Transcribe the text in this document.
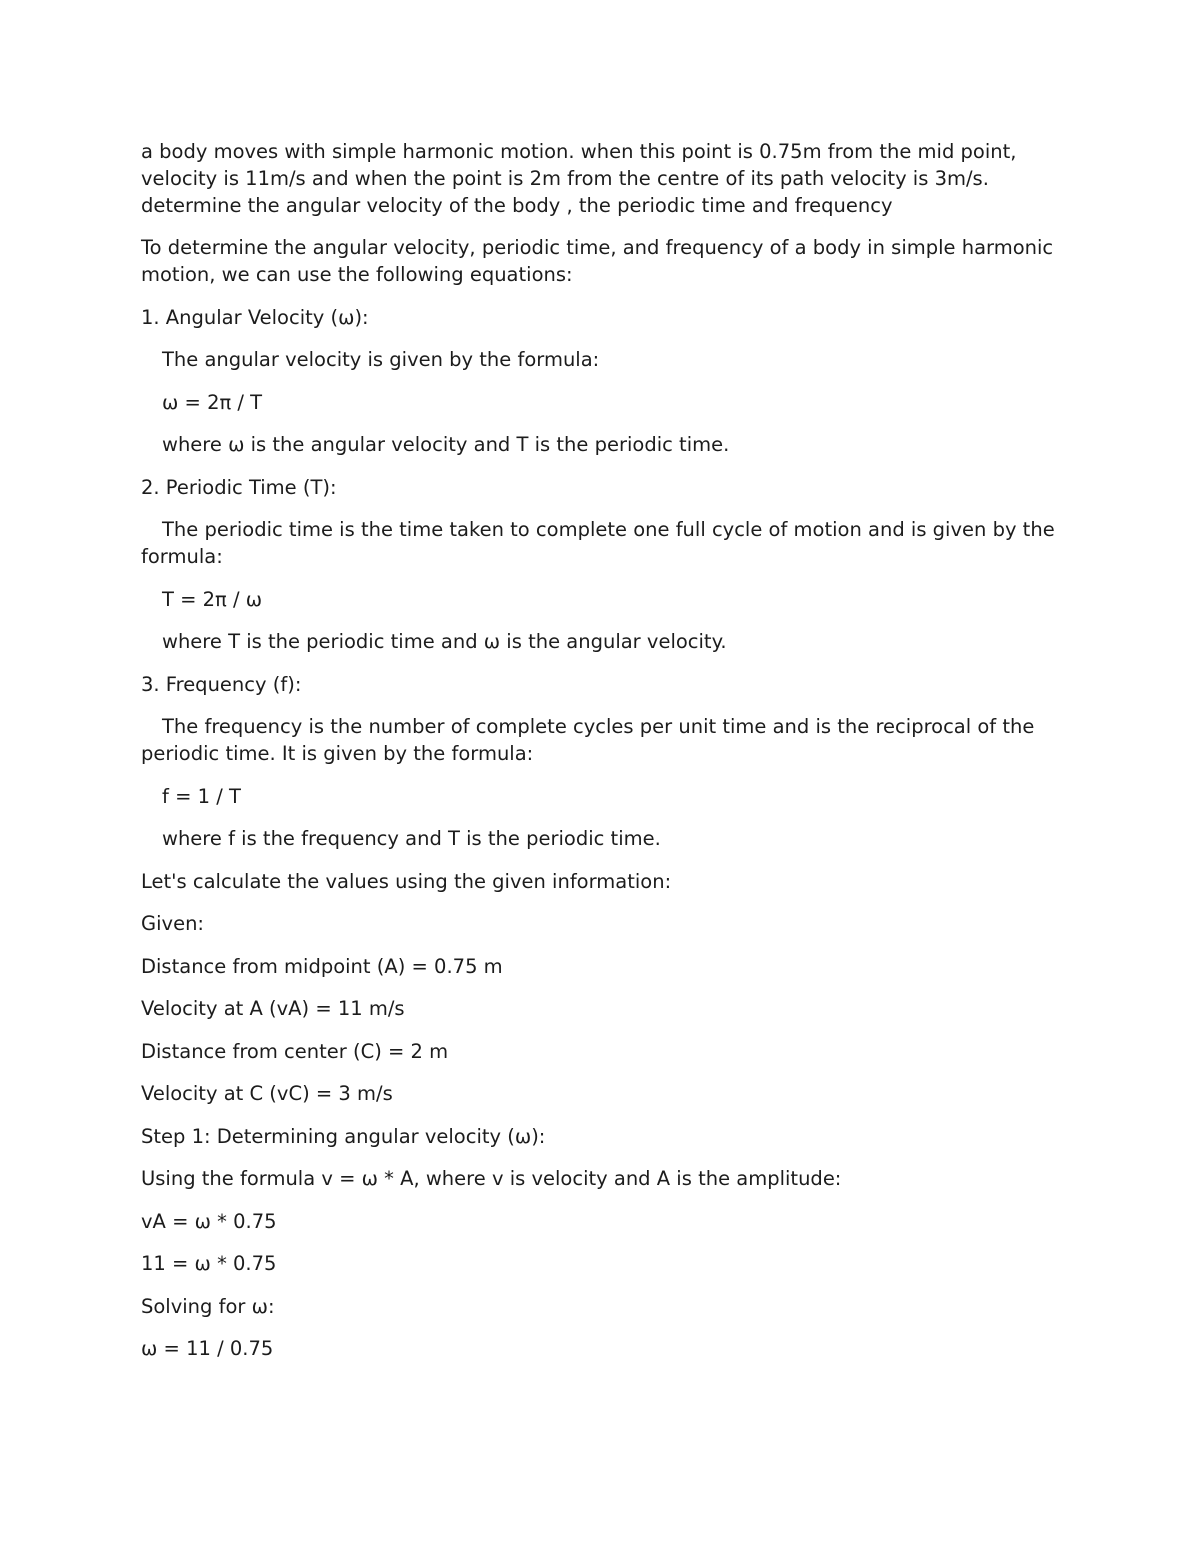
a body moves with simple harmonic motion. when this point is 0.75m from the mid point, velocity is 11m/s and when the point is 2m from the centre of its path velocity is 3m/s. determine the angular velocity of the body , the periodic time and frequency

To determine the angular velocity, periodic time, and frequency of a body in simple harmonic motion, we can use the following equations:

1. Angular Velocity (ω):

The angular velocity is given by the formula:

ω = 2π / T

where ω is the angular velocity and T is the periodic time.

2. Periodic Time (T):

The periodic time is the time taken to complete one full cycle of motion and is given by the formula:

T = 2π / ω

where T is the periodic time and ω is the angular velocity.

3. Frequency (f):

The frequency is the number of complete cycles per unit time and is the reciprocal of the periodic time. It is given by the formula:

f = 1 / T

where f is the frequency and T is the periodic time.

Let's calculate the values using the given information:

Given:

Distance from midpoint (A) = 0.75 m

Velocity at A (vA) = 11 m/s

Distance from center (C) = 2 m

Velocity at C (vC) = 3 m/s

Step 1: Determining angular velocity (ω):

Using the formula v = ω * A, where v is velocity and A is the amplitude:

vA = ω * 0.75

11 = ω * 0.75

Solving for ω:

ω = 11 / 0.75
